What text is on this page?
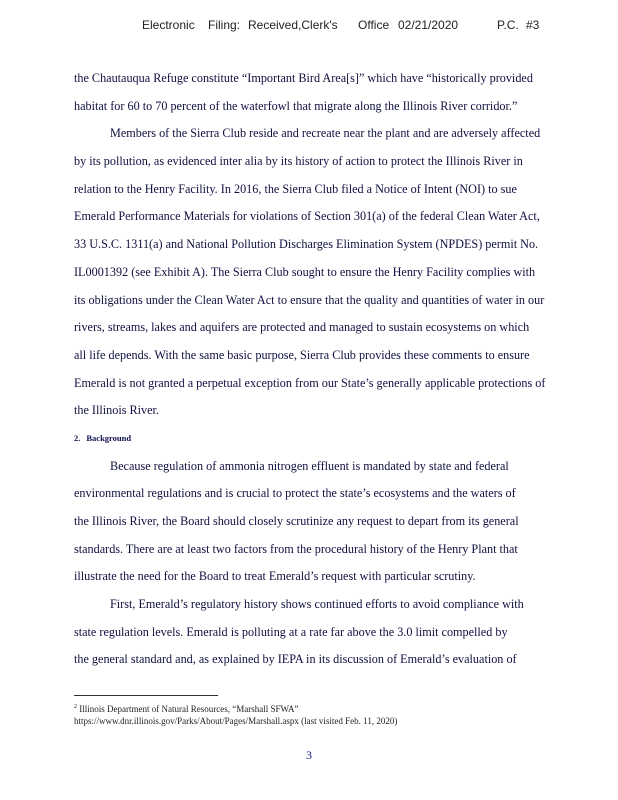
Electronic Filing: Received,Clerk's Office 02/21/2020	P.C. #3
the Chautauqua Refuge constitute “Important Bird Area[s]” which have “historically provided
habitat for 60 to 70 percent of the waterfowl that migrate along the Illinois River corridor.”
Members of the Sierra Club reside and recreate near the plant and are adversely affected
by its pollution, as evidenced inter alia by its history of action to protect the Illinois River in
relation to the Henry Facility. In 2016, the Sierra Club filed a Notice of Intent (NOI) to sue
Emerald Performance Materials for violations of Section 301(a) of the federal Clean Water Act,
33 U.S.C. 1311(a) and National Pollution Discharges Elimination System (NPDES) permit No.
IL0001392 (see Exhibit A). The Sierra Club sought to ensure the Henry Facility complies with
its obligations under the Clean Water Act to ensure that the quality and quantities of water in our
rivers, streams, lakes and aquifers are protected and managed to sustain ecosystems on which
all life depends. With the same basic purpose, Sierra Club provides these comments to ensure
Emerald is not granted a perpetual exception from our State’s generally applicable protections of
the Illinois River.
2. Background
Because regulation of ammonia nitrogen effluent is mandated by state and federal
environmental regulations and is crucial to protect the state’s ecosystems and the waters of
the Illinois River, the Board should closely scrutinize any request to depart from its general
standards. There are at least two factors from the procedural history of the Henry Plant that
illustrate the need for the Board to treat Emerald’s request with particular scrutiny.
First, Emerald’s regulatory history shows continued efforts to avoid compliance with
state regulation levels. Emerald is polluting at a rate far above the 3.0 limit compelled by
the general standard and, as explained by IEPA in its discussion of Emerald’s evaluation of
$^2$ Illinois Department of Natural Resources, “Marshall SFWA”
https://www.dnr.illinois.gov/Parks/About/Pages/Marshall.aspx (last visited Feb. 11, 2020)
3
